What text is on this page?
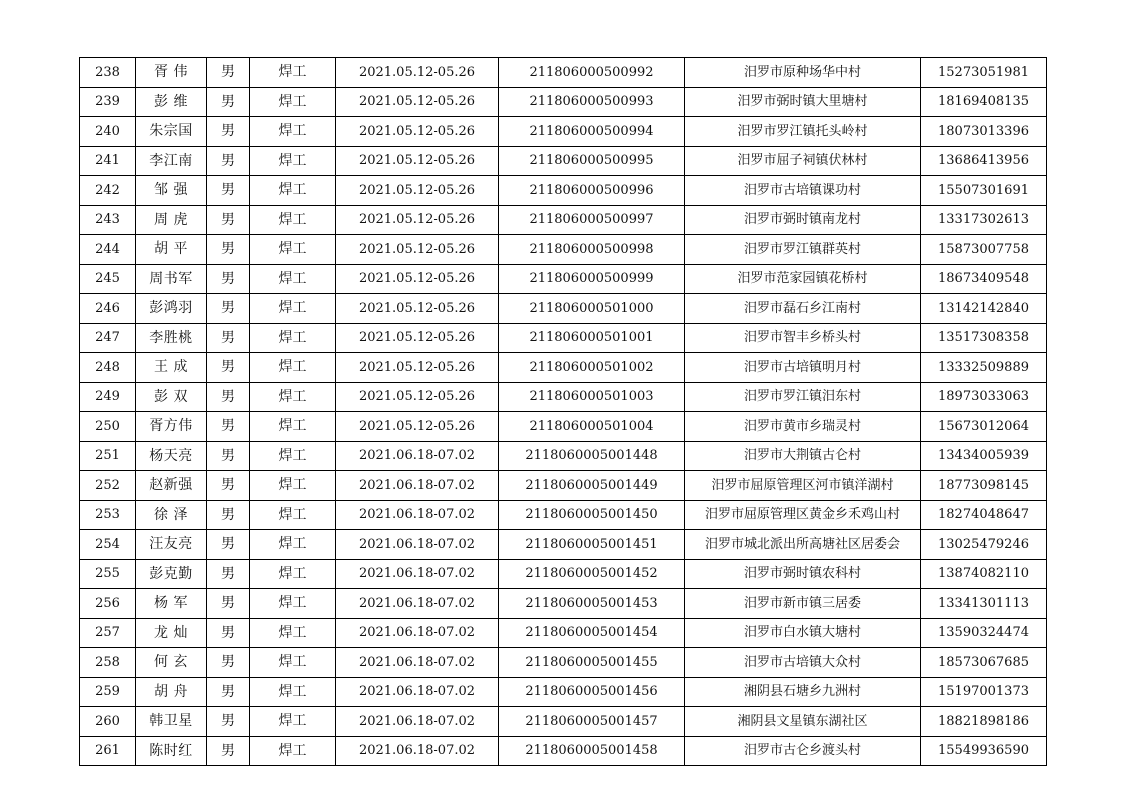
238	胥 伟	男	焊工	2021.05.12-05.26	211806000500992	汨罗市原种场华中村	15273051981
239	彭 维	男	焊工	2021.05.12-05.26	211806000500993	汨罗市弼时镇大里塘村	18169408135
240	朱宗国	男	焊工	2021.05.12-05.26	211806000500994	汨罗市罗江镇托头岭村	18073013396
241	李江南	男	焊工	2021.05.12-05.26	211806000500995	汨罗市屈子祠镇伏林村	13686413956
242	邹 强	男	焊工	2021.05.12-05.26	211806000500996	汨罗市古培镇课功村	15507301691
243	周 虎	男	焊工	2021.05.12-05.26	211806000500997	汨罗市弼时镇南龙村	13317302613
244	胡 平	男	焊工	2021.05.12-05.26	211806000500998	汨罗市罗江镇群英村	15873007758
245	周书军	男	焊工	2021.05.12-05.26	211806000500999	汨罗市范家园镇花桥村	18673409548
246	彭鸿羽	男	焊工	2021.05.12-05.26	211806000501000	汨罗市磊石乡江南村	13142142840
247	李胜桃	男	焊工	2021.05.12-05.26	211806000501001	汨罗市智丰乡桥头村	13517308358
248	王 成	男	焊工	2021.05.12-05.26	211806000501002	汨罗市古培镇明月村	13332509889
249	彭 双	男	焊工	2021.05.12-05.26	211806000501003	汨罗市罗江镇汨东村	18973033063
250	胥方伟	男	焊工	2021.05.12-05.26	211806000501004	汨罗市黄市乡瑞灵村	15673012064
251	杨天亮	男	焊工	2021.06.18-07.02	2118060005001448	汨罗市大荆镇古仑村	13434005939
252	赵新强	男	焊工	2021.06.18-07.02	2118060005001449	汨罗市屈原管理区河市镇洋湖村	18773098145
253	徐 泽	男	焊工	2021.06.18-07.02	2118060005001450	汨罗市屈原管理区黄金乡禾鸡山村	18274048647
254	汪友亮	男	焊工	2021.06.18-07.02	2118060005001451	汨罗市城北派出所高塘社区居委会	13025479246
255	彭克勤	男	焊工	2021.06.18-07.02	2118060005001452	汨罗市弼时镇农科村	13874082110
256	杨 军	男	焊工	2021.06.18-07.02	2118060005001453	汨罗市新市镇三居委	13341301113
257	龙 灿	男	焊工	2021.06.18-07.02	2118060005001454	汨罗市白水镇大塘村	13590324474
258	何 玄	男	焊工	2021.06.18-07.02	2118060005001455	汨罗市古培镇大众村	18573067685
259	胡 舟	男	焊工	2021.06.18-07.02	2118060005001456	湘阴县石塘乡九洲村	15197001373
260	韩卫星	男	焊工	2021.06.18-07.02	2118060005001457	湘阴县文星镇东湖社区	18821898186
261	陈时红	男	焊工	2021.06.18-07.02	2118060005001458	汨罗市古仑乡渡头村	15549936590
